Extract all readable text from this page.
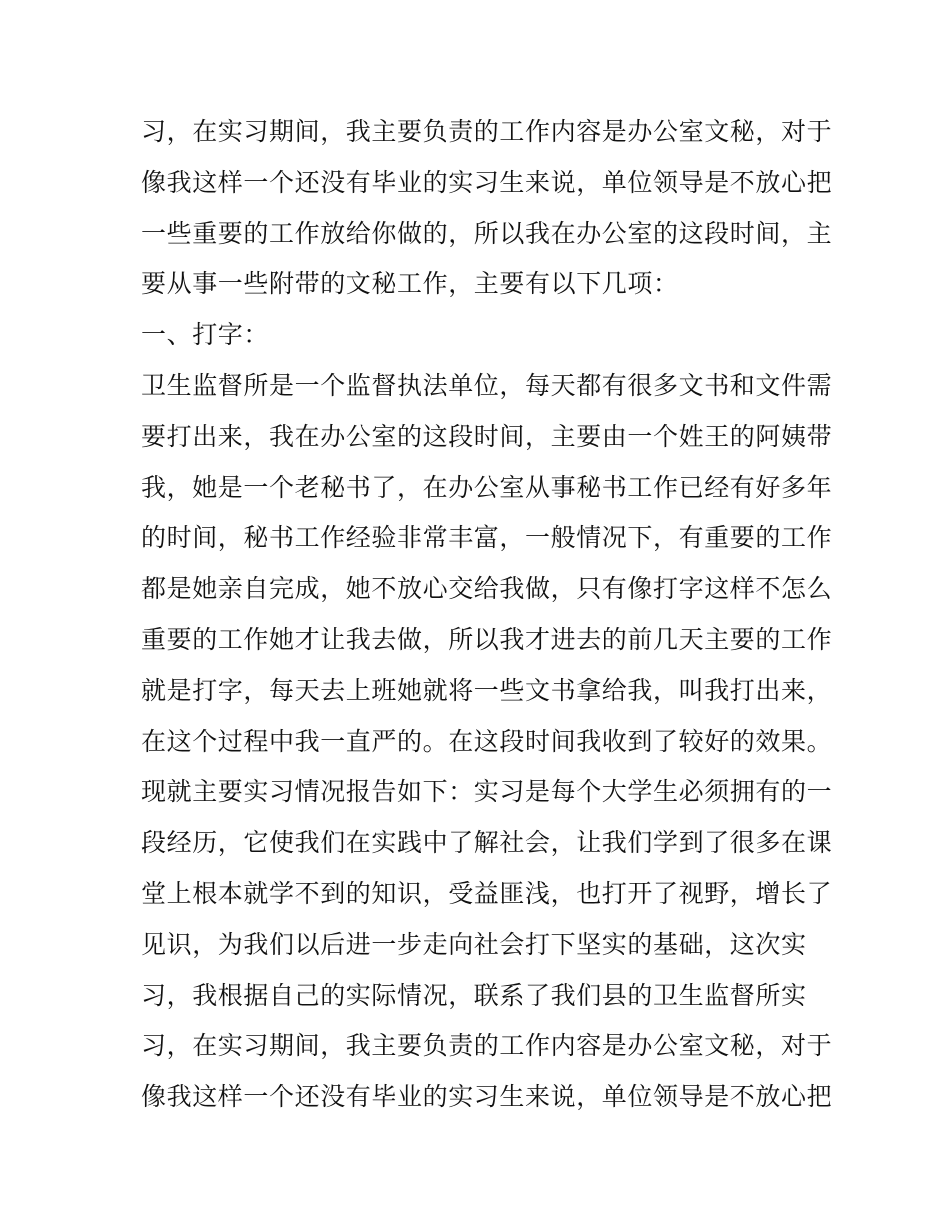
习，在实习期间，我主要负责的工作内容是办公室文秘，对于
像我这样一个还没有毕业的实习生来说，单位领导是不放心把
一些重要的工作放给你做的，所以我在办公室的这段时间，主
要从事一些附带的文秘工作，主要有以下几项：
一、打字：
卫生监督所是一个监督执法单位，每天都有很多文书和文件需
要打出来，我在办公室的这段时间，主要由一个姓王的阿姨带
我，她是一个老秘书了，在办公室从事秘书工作已经有好多年
的时间，秘书工作经验非常丰富，一般情况下，有重要的工作
都是她亲自完成，她不放心交给我做，只有像打字这样不怎么
重要的工作她才让我去做，所以我才进去的前几天主要的工作
就是打字，每天去上班她就将一些文书拿给我，叫我打出来，
在这个过程中我一直严的。在这段时间我收到了较好的效果。
现就主要实习情况报告如下：实习是每个大学生必须拥有的一
段经历，它使我们在实践中了解社会，让我们学到了很多在课
堂上根本就学不到的知识，受益匪浅，也打开了视野，增长了
见识，为我们以后进一步走向社会打下坚实的基础，这次实
习，我根据自己的实际情况，联系了我们县的卫生监督所实
习，在实习期间，我主要负责的工作内容是办公室文秘，对于
像我这样一个还没有毕业的实习生来说，单位领导是不放心把
